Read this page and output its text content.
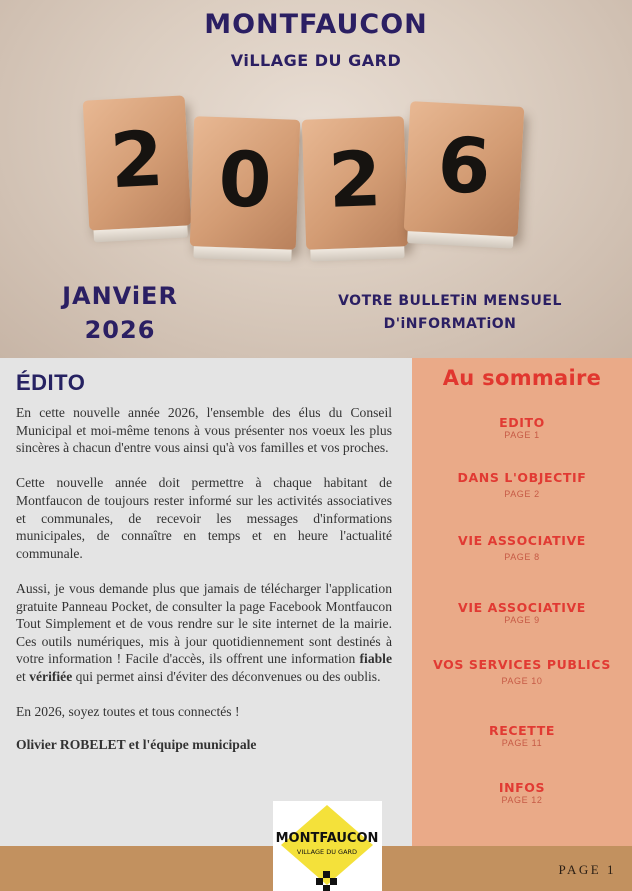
MONTFAUCON
ViLLAGE DU GARD
2 0 2 6
JANViER
2026
VOTRE BULLETiN MENSUEL
D'iNFORMATiON
ÉDITO

En cette nouvelle année 2026, l'ensemble des élus du Conseil Municipal et moi-même tenons à vous présenter nos voeux les plus sincères à chacun d'entre vous ainsi qu'à vos familles et vos proches.

Cette nouvelle année doit permettre à chaque habitant de Montfaucon de toujours rester informé sur les activités associatives et communales, de recevoir les messages d'informations municipales, de connaître en temps et en heure l'actualité communale.

Aussi, je vous demande plus que jamais de télécharger l'application gratuite Panneau Pocket, de consulter la page Facebook Montfaucon Tout Simplement et de vous rendre sur le site internet de la mairie. Ces outils numériques, mis à jour quotidiennement sont destinés à votre information ! Facile d'accès, ils offrent une information fiable et vérifiée qui permet ainsi d'éviter des déconvenues ou des oublis.

En 2026, soyez toutes et tous connectés !

Olivier ROBELET et l'équipe municipale

Au sommaire
EDITO
PAGE 1
DANS L'OBJECTIF
PAGE 2
VIE ASSOCIATIVE
PAGE 8
VIE ASSOCIATIVE
PAGE 9
VOS SERVICES PUBLICS
PAGE 10
RECETTE
PAGE 11
INFOS
PAGE 12
PAGE 1
MONTFAUCON
VILLAGE DU GARD
